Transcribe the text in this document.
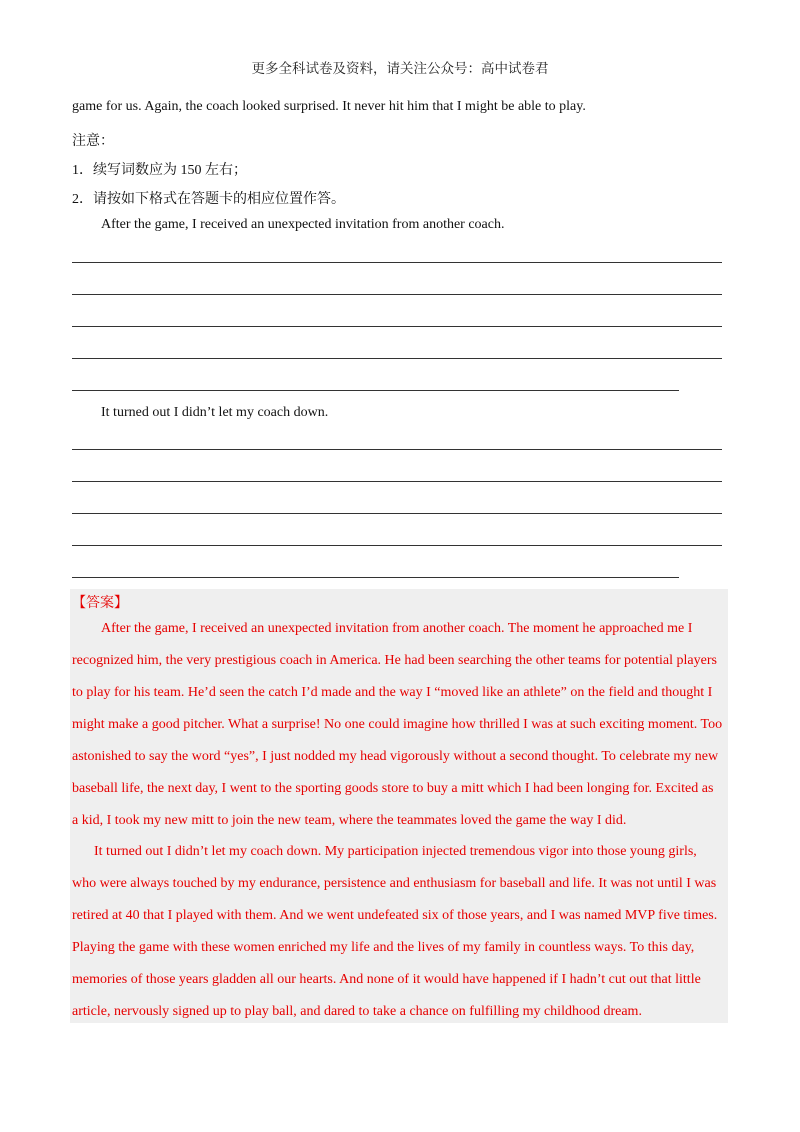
更多全科试卷及资料，请关注公众号：高中试卷君
game for us. Again, the coach looked surprised. It never hit him that I might be able to play.
注意：
1．续写词数应为 150 左右；
2．请按如下格式在答题卡的相应位置作答。
After the game, I received an unexpected invitation from another coach.
It turned out I didn’t let my coach down.
【答案】
After the game, I received an unexpected invitation from another coach. The moment he approached me I
recognized him, the very prestigious coach in America. He had been searching the other teams for potential players
to play for his team. He’d seen the catch I’d made and the way I “moved like an athlete” on the field and thought I
might make a good pitcher. What a surprise! No one could imagine how thrilled I was at such exciting moment. Too
astonished to say the word “yes”, I just nodded my head vigorously without a second thought. To celebrate my new
baseball life, the next day, I went to the sporting goods store to buy a mitt which I had been longing for. Excited as
a kid, I took my new mitt to join the new team, where the teammates loved the game the way I did.
It turned out I didn’t let my coach down. My participation injected tremendous vigor into those young girls,
who were always touched by my endurance, persistence and enthusiasm for baseball and life. It was not until I was
retired at 40 that I played with them. And we went undefeated six of those years, and I was named MVP five times.
Playing the game with these women enriched my life and the lives of my family in countless ways. To this day,
memories of those years gladden all our hearts. And none of it would have happened if I hadn’t cut out that little
article, nervously signed up to play ball, and dared to take a chance on fulfilling my childhood dream.
